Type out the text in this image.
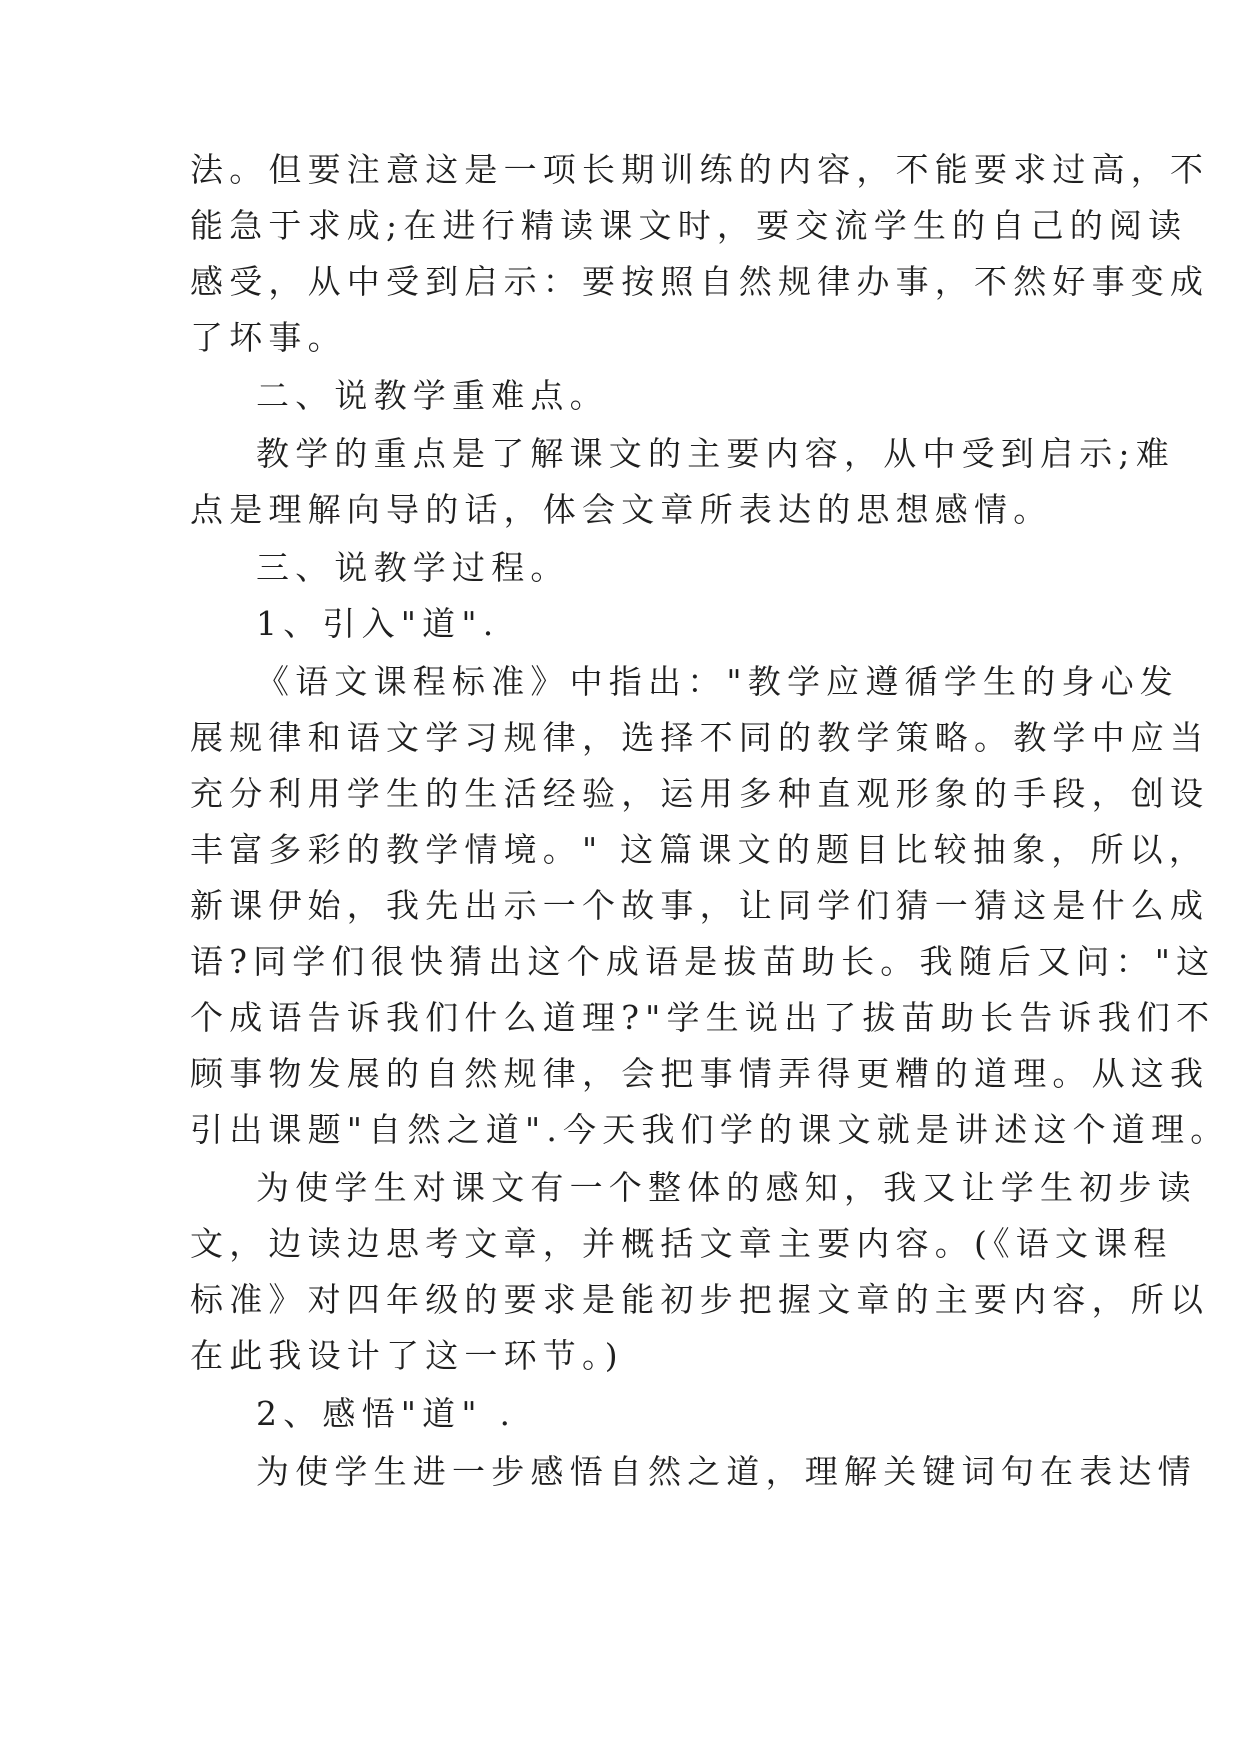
法。但要注意这是一项长期训练的内容，不能要求过高，不
能急于求成;在进行精读课文时，要交流学生的自己的阅读
感受，从中受到启示：要按照自然规律办事，不然好事变成
了坏事。
二、说教学重难点。
教学的重点是了解课文的主要内容，从中受到启示;难
点是理解向导的话，体会文章所表达的思想感情。
三、说教学过程。
1、引入"道".
《语文课程标准》中指出："教学应遵循学生的身心发
展规律和语文学习规律，选择不同的教学策略。教学中应当
充分利用学生的生活经验，运用多种直观形象的手段，创设
丰富多彩的教学情境。" 这篇课文的题目比较抽象，所以，
新课伊始，我先出示一个故事，让同学们猜一猜这是什么成
语?同学们很快猜出这个成语是拔苗助长。我随后又问："这
个成语告诉我们什么道理?"学生说出了拔苗助长告诉我们不
顾事物发展的自然规律，会把事情弄得更糟的道理。从这我
引出课题"自然之道".今天我们学的课文就是讲述这个道理。
为使学生对课文有一个整体的感知，我又让学生初步读
文，边读边思考文章，并概括文章主要内容。(《语文课程
标准》对四年级的要求是能初步把握文章的主要内容，所以
在此我设计了这一环节。)
2、感悟"道" .
为使学生进一步感悟自然之道，理解关键词句在表达情
